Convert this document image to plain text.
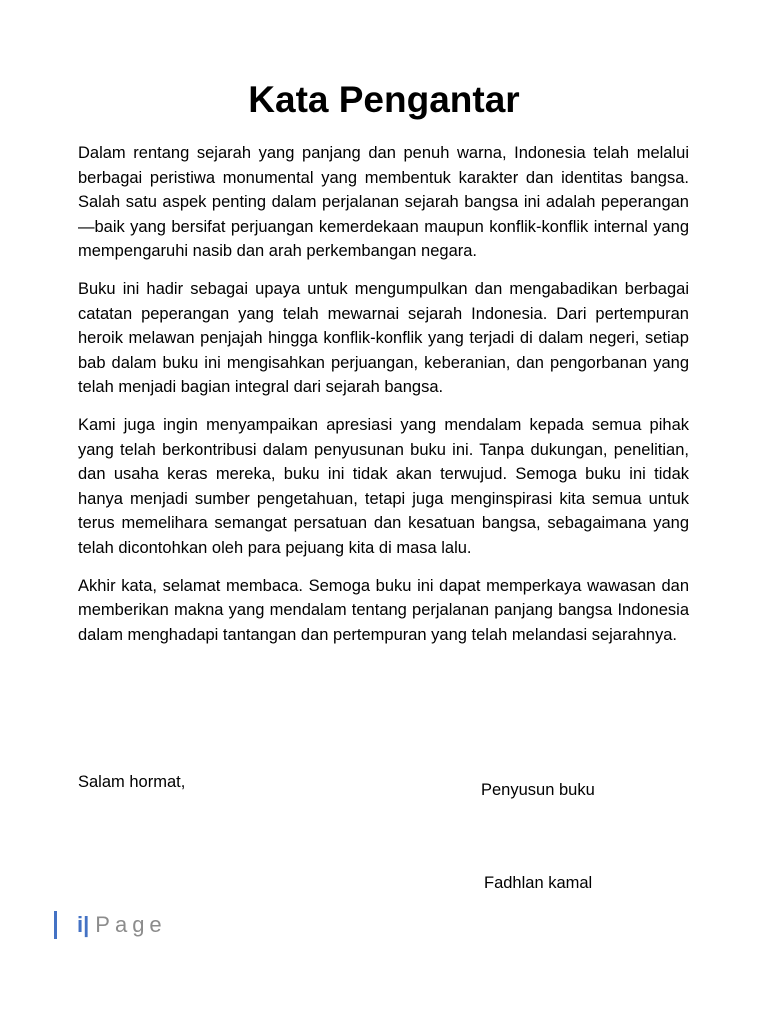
Kata Pengantar

Dalam rentang sejarah yang panjang dan penuh warna, Indonesia telah melalui berbagai peristiwa monumental yang membentuk karakter dan identitas bangsa. Salah satu aspek penting dalam perjalanan sejarah bangsa ini adalah peperangan—baik yang bersifat perjuangan kemerdekaan maupun konflik-konflik internal yang mempengaruhi nasib dan arah perkembangan negara.

Buku ini hadir sebagai upaya untuk mengumpulkan dan mengabadikan berbagai catatan peperangan yang telah mewarnai sejarah Indonesia. Dari pertempuran heroik melawan penjajah hingga konflik-konflik yang terjadi di dalam negeri, setiap bab dalam buku ini mengisahkan perjuangan, keberanian, dan pengorbanan yang telah menjadi bagian integral dari sejarah bangsa.

Kami juga ingin menyampaikan apresiasi yang mendalam kepada semua pihak yang telah berkontribusi dalam penyusunan buku ini. Tanpa dukungan, penelitian, dan usaha keras mereka, buku ini tidak akan terwujud. Semoga buku ini tidak hanya menjadi sumber pengetahuan, tetapi juga menginspirasi kita semua untuk terus memelihara semangat persatuan dan kesatuan bangsa, sebagaimana yang telah dicontohkan oleh para pejuang kita di masa lalu.

Akhir kata, selamat membaca. Semoga buku ini dapat memperkaya wawasan dan memberikan makna yang mendalam tentang perjalanan panjang bangsa Indonesia dalam menghadapi tantangan dan pertempuran yang telah melandasi sejarahnya.

Salam hormat,	Penyusun buku
Fadhlan kamal
i | Page
